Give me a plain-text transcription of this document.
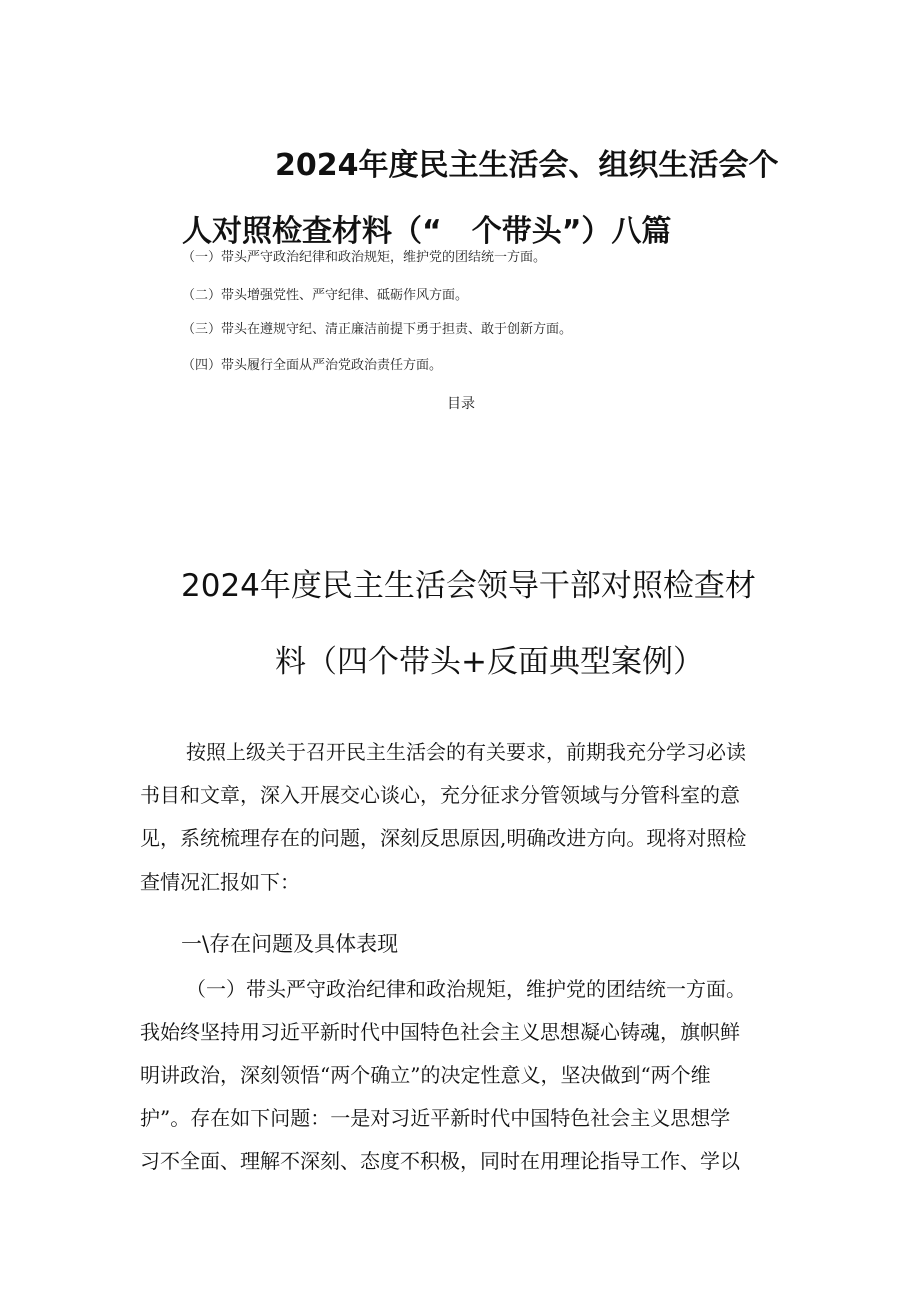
2024年度民主生活会、组织生活会个
人对照检查材料（“　个带头”）八篇
（一）带头严守政治纪律和政治规矩，维护党的团结统一方面。
（二）带头增强党性、严守纪律、砥砺作风方面。
（三）带头在遵规守纪、清正廉洁前提下勇于担责、敢于创新方面。
（四）带头履行全面从严治党政治责任方面。
目录
2024年度民主生活会领导干部对照检查材
料（四个带头+反面典型案例）
按照上级关于召开民主生活会的有关要求，前期我充分学习必读
书目和文章，深入开展交心谈心，充分征求分管领域与分管科室的意
见，系统梳理存在的问题，深刻反思原因,明确改进方向。现将对照检
查情况汇报如下：
一\存在问题及具体表现
（一）带头严守政治纪律和政治规矩，维护党的团结统一方面。
我始终坚持用习近平新时代中国特色社会主义思想凝心铸魂，旗帜鲜
明讲政治，深刻领悟“两个确立”的决定性意义，坚决做到“两个维
护”。存在如下问题：一是对习近平新时代中国特色社会主义思想学
习不全面、理解不深刻、态度不积极，同时在用理论指导工作、学以
